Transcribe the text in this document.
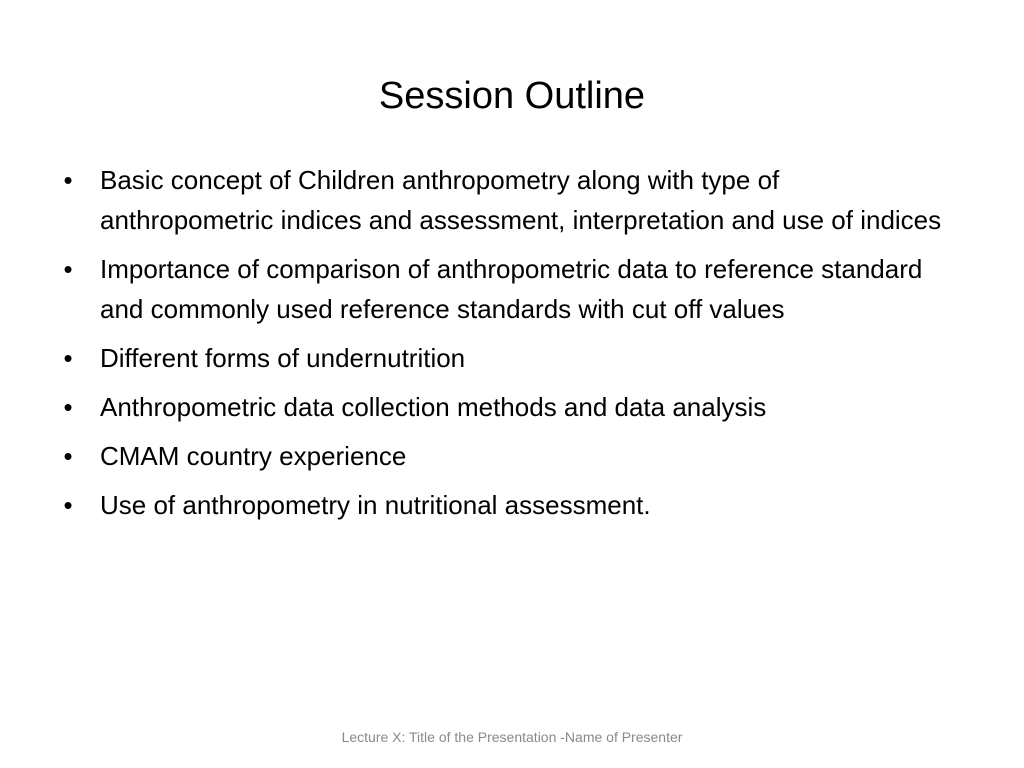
Session Outline
• Basic concept of Children anthropometry along with type of anthropometric indices and assessment, interpretation and use of indices
• Importance of comparison of anthropometric data to reference standard and commonly used reference standards with cut off values
• Different forms of undernutrition
• Anthropometric data collection methods and data analysis
• CMAM country experience
• Use of anthropometry in nutritional assessment.
Lecture X: Title of the Presentation -Name of Presenter
